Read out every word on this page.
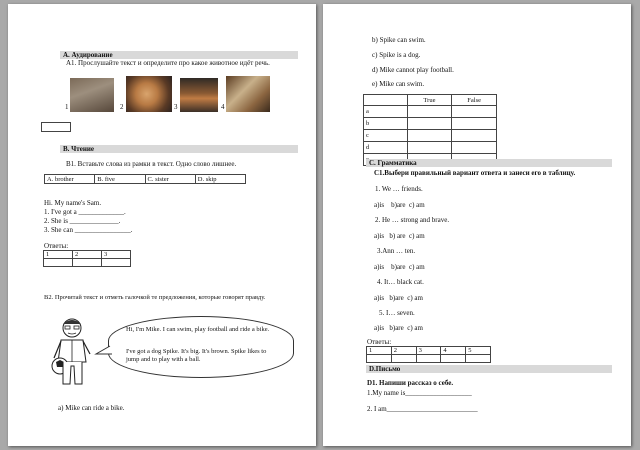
A. Аудирование
A1. Прослушайте текст и определите про какое животное идёт речь.
1	2	3	4
B. Чтение
B1. Вставьте слова из рамки в текст. Одно слово лишнее.
A. brother	B. five	C. sister	D. skip
Hi. My name's Sam.
1. I've got a _____________.
2. She is ______________.
3. She can ________________.
Ответы:
1	2	3

B2. Прочитай текст и отметь галочкой те предложения, которые говорят правду.
Hi, I'm Mike. I can swim, play football and ride a bike.
I've got a dog Spike. It's big. It's brown. Spike likes to jump and to play with a ball.
a) Mike can ride a bike.
b) Spike can swim.
c) Spike is a dog.
d) Mike cannot play football.
e) Mike can swim.
	True	False
a		
b		
c		
d		

C. Грамматика
C1.Выбери правильный вариант ответа и занеси его в таблицу.
1. We … friends.
a)is    b)are  c) am
2. He … strong and brave.
a)is   b) are  c) am
3.Ann … ten.
a)is    b)are  c) am
4. It… black cat.
a)is   b)are  c) am
5. I… seven.
a)is   b)are  c) am
Ответы:
1	2	3	4	5

D.Письмо
D1. Напиши рассказ о себе.
1.My name is___________________
2. I am__________________________
